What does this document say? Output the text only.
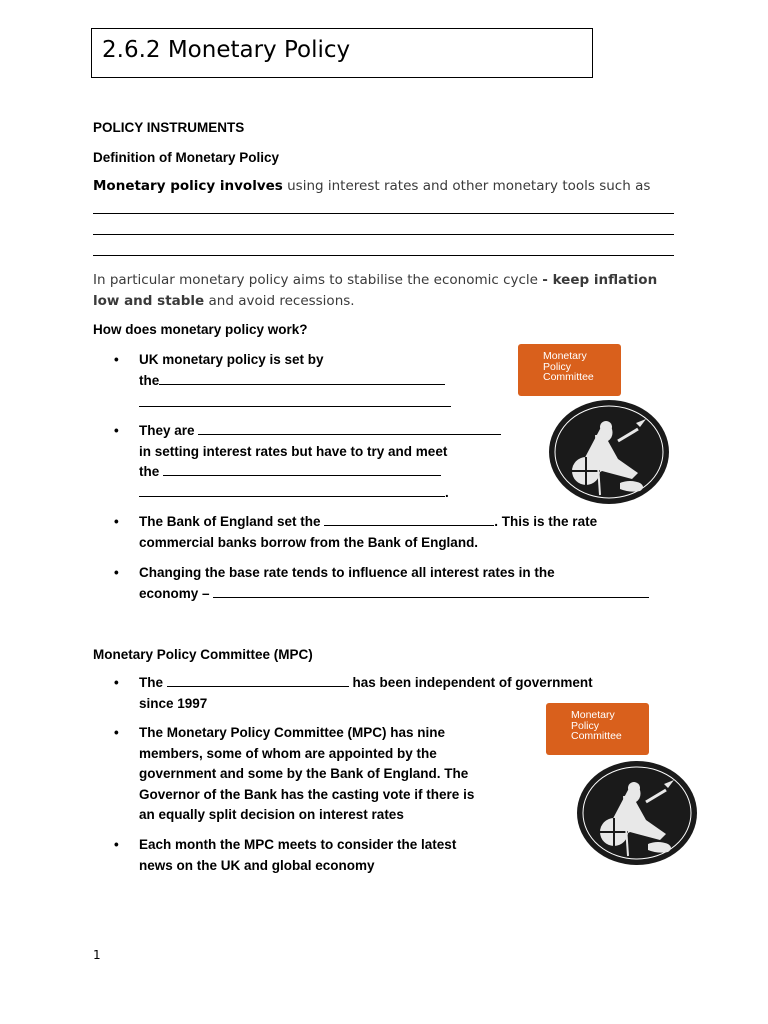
2.6.2 Monetary Policy
POLICY INSTRUMENTS
Definition of Monetary Policy
Monetary policy involves using interest rates and other monetary tools such as
In particular monetary policy aims to stabilise the economic cycle - keep inflation low and stable and avoid recessions.
How does monetary policy work?
• UK monetary policy is set by
the
• They are
in setting interest rates but have to try and meet
the
.
• The Bank of England set the	. This is the rate
commercial banks borrow from the Bank of England.
• Changing the base rate tends to influence all interest rates in the
economy –
Monetary Policy Committee (MPC)
• The	has been independent of government
since 1997
• The Monetary Policy Committee (MPC) has nine
members, some of whom are appointed by the
government and some by the Bank of England. The
Governor of the Bank has the casting vote if there is
an equally split decision on interest rates
• Each month the MPC meets to consider the latest
news on the UK and global economy
Monetary
Policy
Committee
Monetary
Policy
Committee
1
